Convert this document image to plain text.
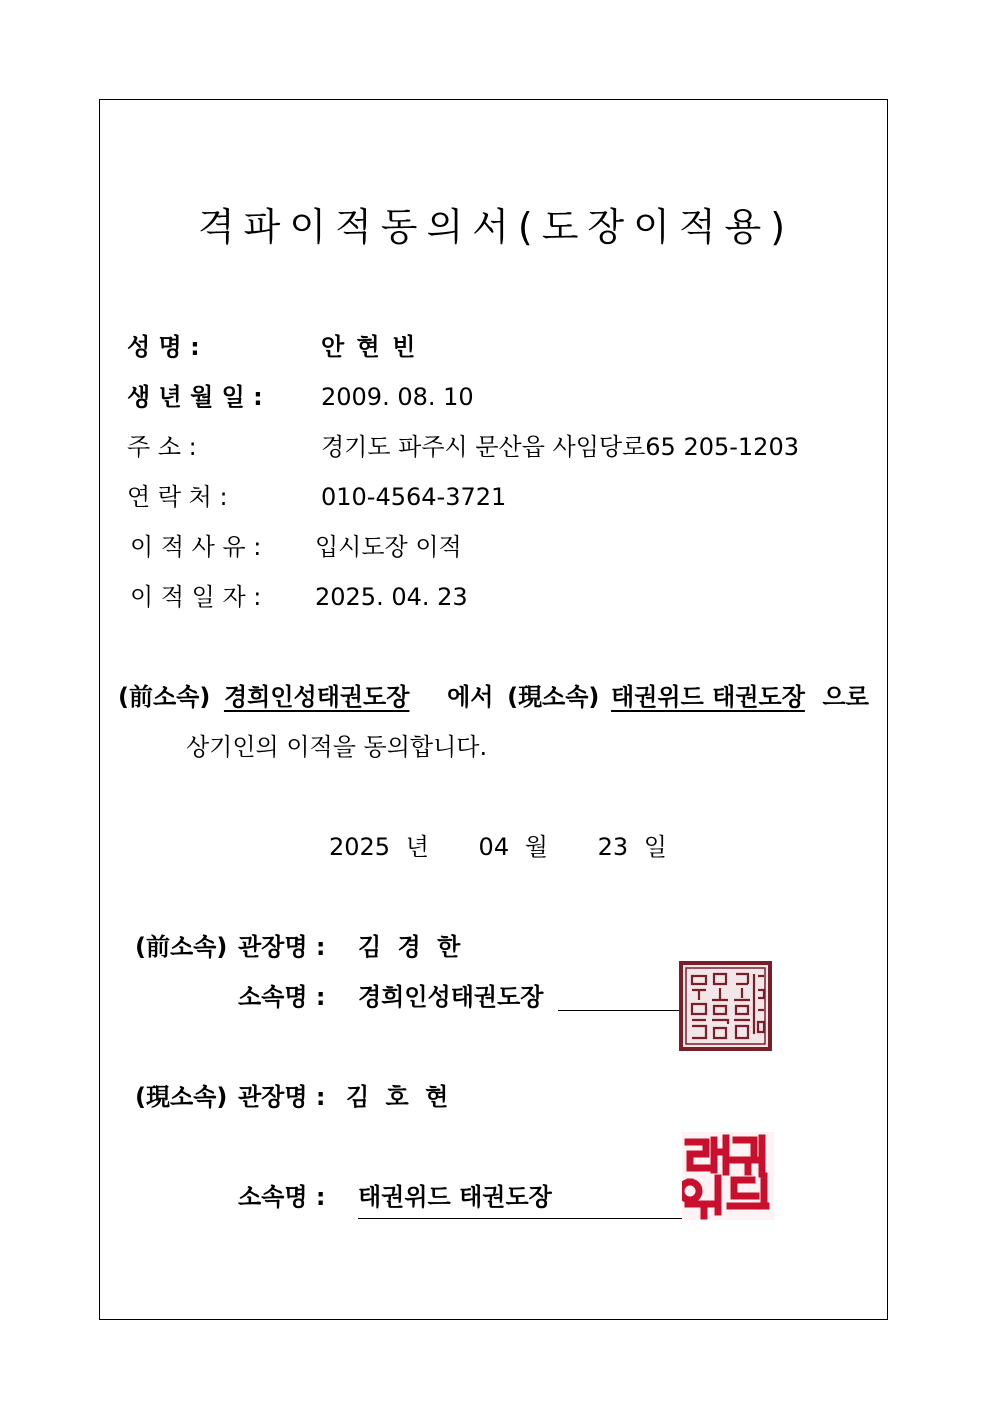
격파이적동의서(도장이적용)
성 명 :	안 현 빈
생 년 월 일 : 2009. 08. 10
주 소 :	경기도 파주시 문산읍 사임당로65 205-1203
연 락 처 :	010-4564-3721
이 적 사 유 : 입시도장 이적
이 적 일 자 : 2025. 04. 23
(前소속) 경희인성태권도장 에서 (現소속) 태권위드 태권도장 으로
상기인의 이적을 동의합니다.
2025 년 04 월 23 일
(前소속) 관장명 : 김 경 한
소속명 : 경희인성태권도장
(現소속) 관장명 : 김 호 현
소속명 : 태권위드 태권도장
